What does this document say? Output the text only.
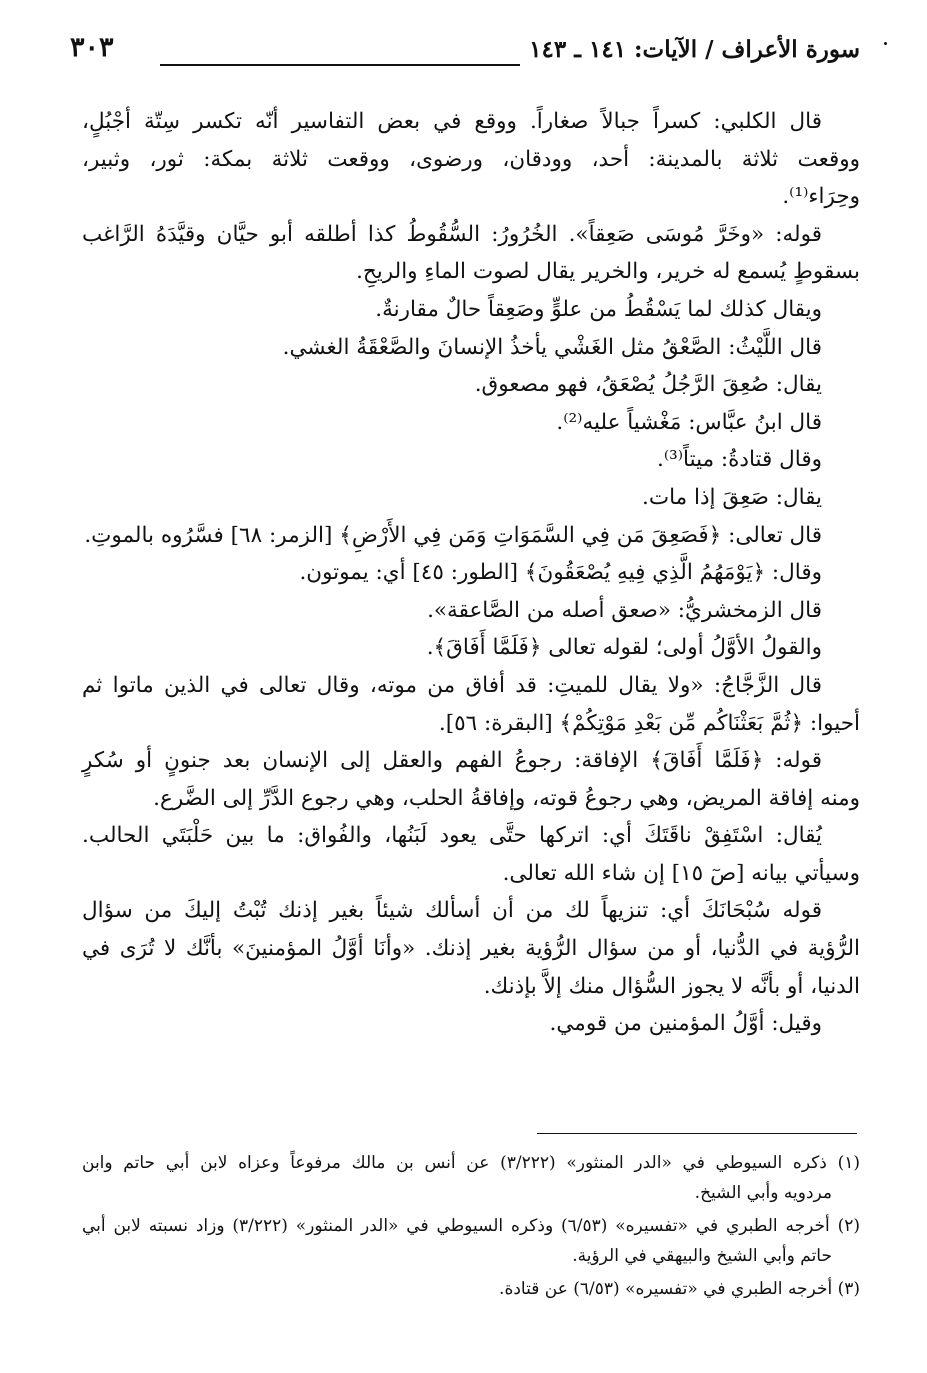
سورة الأعراف / الآيات: ١٤١ ـ ١٤٣
٣٠٣
قال الكلبي: كسراً جبالاً صغاراً. ووقع في بعض التفاسير أنّه تكسر سِتّة أجْبُلٍ،
ووقعت ثلاثة بالمدينة: أحد، وودقان، ورضوى، ووقعت ثلاثة بمكة: ثور، وثبير،
وحِرَاء⁽¹⁾.
قوله: «وخَرَّ مُوسَى صَعِقاً». الخُرُورُ: السُّقُوطُ كذا أطلقه أبو حيَّان وقيَّدَهُ الرَّاغب
بسقوطٍ يُسمع له خرير، والخرير يقال لصوت الماءِ والريحِ.
ويقال كذلك لما يَسْقُطُ من علوٍّ وصَعِقاً حالٌ مقارنةٌ.
قال اللَّيْثُ: الصَّعْقُ مثل الغَشْي يأخذُ الإنسانَ والصَّعْقَةُ الغشي.
يقال: صُعِقَ الرَّجُلُ يُصْعَقُ، فهو مصعوق.
قال ابنُ عبَّاس: مَغْشياً عليه⁽²⁾.
وقال قتادةُ: ميتاً⁽³⁾.
يقال: صَعِقَ إذا مات.
قال تعالى: ﴿فَصَعِقَ مَن فِي السَّمَوَاتِ وَمَن فِي الأَرْضِ﴾ [الزمر: ٦٨] فسَّرُوه بالموتِ.
وقال: ﴿يَوْمَهُمُ الَّذِي فِيهِ يُصْعَقُونَ﴾ [الطور: ٤٥] أي: يموتون.
قال الزمخشريُّ: «صعق أصله من الصَّاعقة».
والقولُ الأوَّلُ أولى؛ لقوله تعالى ﴿فَلَمَّا أَفَاقَ﴾.
قال الزَّجَّاجُ: «ولا يقال للميتِ: قد أفاق من موته، وقال تعالى في الذين ماتوا ثم
أحيوا: ﴿ثُمَّ بَعَثْنَاكُم مِّن بَعْدِ مَوْتِكُمْ﴾ [البقرة: ٥٦].
قوله: ﴿فَلَمَّا أَفَاقَ﴾ الإفاقة: رجوعُ الفهم والعقل إلى الإنسان بعد جنونٍ أو سُكرٍ
ومنه إفاقة المريض، وهي رجوعُ قوته، وإفاقةُ الحلب، وهي رجوع الدَّرِّ إلى الضَّرع.
يُقال: اسْتَفِقْ ناقَتَكَ أي: اتركها حتَّى يعود لَبَنُها، والفُواق: ما بين حَلْبَتَي الحالب.
وسيأتي بيانه [صٓ ١٥] إن شاء الله تعالى.
قوله سُبْحَانَكَ أي: تنزيهاً لك من أن أسألك شيئاً بغير إذنك تُبْتُ إليكَ من سؤال
الرُّؤية في الدُّنيا، أو من سؤال الرُّؤية بغير إذنك. «وأنَا أوَّلُ المؤمنينَ» بأنَّك لا تُرَى في
الدنيا، أو بأنَّه لا يجوز السُّؤال منك إلاَّ بإذنك.
وقيل: أوَّلُ المؤمنين من قومي.
(١) ذكره السيوطي في «الدر المنثور» (٣/٢٢٢) عن أنس بن مالك مرفوعاً وعزاه لابن أبي حاتم وابن
مردويه وأبي الشيخ.
(٢) أخرجه الطبري في «تفسيره» (٦/٥٣) وذكره السيوطي في «الدر المنثور» (٣/٢٢٢) وزاد نسبته لابن أبي
حاتم وأبي الشيخ والبيهقي في الرؤية.
(٣) أخرجه الطبري في «تفسيره» (٦/٥٣) عن قتادة.
